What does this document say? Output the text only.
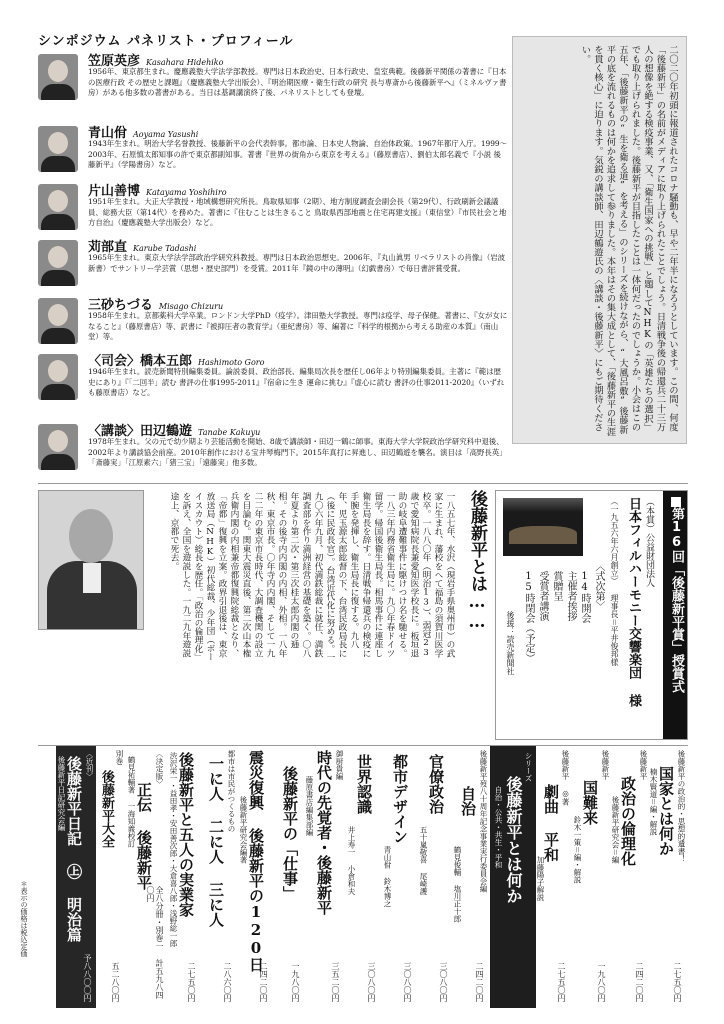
シンポジウム パネリスト・プロフィール
笠原英彦 Kasahara Hidehiko
1956年、東京都生まれ。慶應義塾大学法学部教授。専門は日本政治史、日本行政史、皇室典範。後藤新平関係の著書に『日本の医療行政 その歴史と課題』（慶應義塾大学出版会）、『明治期医療・衛生行政の研究 長与専斎から後藤新平へ』（ミネルヴァ書房）がある他多数の著書がある。当日は基調講演終了後、パネリストとしても登壇。
青山佾 Aoyama Yasushi
1943年生まれ。明治大学名誉教授、後藤新平の会代表幹事。都市論、日本史人物論、自治体政策。1967年都庁入庁。1999～2003年、石原慎太郎知事の許で東京都副知事。著書『世界の街角から東京を考える』（藤原書店）、劉伯太郎名義で『小説 後藤新平』（学陽書房）など。
片山善博 Katayama Yoshihiro
1951年生まれ。大正大学教授・地域構想研究所長。鳥取県知事（2期）、地方制度調査会副会長（第29代）、行政刷新会議議員、総務大臣（第14代）を務めた。著書に『住むことは生きること 鳥取県西部地震と住宅再建支援』（東信堂）『市民社会と地方自治』（慶應義塾大学出版会）など。
苅部直 Karube Tadashi
1965年生まれ。東京大学法学部政治学研究科教授。専門は日本政治思想史。2006年、『丸山眞男 リベラリストの肖像』（岩波新書）でサントリー学芸賞（思想・歴史部門）を受賞。2011年『鏡の中の薄明』（幻戯書房）で毎日書評賞受賞。
三砂ちづる Misago Chizuru
1958年生まれ。京都薬科大学卒業。ロンドン大学PhD（疫学）。津田塾大学教授。専門は疫学、母子保健。著書に、『女が女になること』（藤原書店）等、訳書に『被抑圧者の教育学』（亜紀書房）等、編著に『科学的根拠から考える助産の本質』（南山堂）等。
〈司会〉橋本五郎 Hashimoto Goro
1946年生まれ。読売新聞特別編集委員。論説委員、政治部長、編集局次長を歴任し06年より特別編集委員。主著に『範は歴史にあり』『「二回半」読む 書評の仕事1995-2011』『宿命に生き 運命に挑む』『虚心に読む 書評の仕事2011-2020』（いずれも藤原書店）など。
〈講談〉田辺鶴遊 Tanabe Kakuyu
1978年生まれ。父の元で幼少期より芸能活動を開始、8歳で講談師・田辺一鶴に師事。東海大学大学院政治学研究科中退後、2002年より講談協会前座。2010年創作における宝井琴梅門下。2015年真打に昇進し、田辺鶴遊を襲名。演目は「高野長英」「斎藤実」「江原素六」「猪三宝」「遠藤実」他多数。
二〇二〇年初頭に報道されたコロナ騒動も、早や二年半になろうとしています。この間、何度「後藤新平」の名前がメディアに取り上げられたことでしょう。日清戦争後の帰還兵二十三万人の想像を絶する検疫事業、又、「衛生国家への挑戦」と題してNHKの「英雄たちの選択」でも取り上げられました。後藤新平が目指したことは一体何だったのでしょうか。小会はこの五年、「後藤新平の“生を衛る道”を考える」のシリーズを続けながら、“大風呂敷”後藤新平の底を流れるものは何かを追求して参りました。本年はその集大成として、「後藤新平の生涯を貫く核心」に迫ります。気鋭の講談師、田辺鶴遊氏の〈講談・後藤新平〉にもご期待ください。
一八五七年、水沢（現岩手県奥州市）の武家に生まれ、藩校をへて福島の須賀川医学校卒。一八八〇年（明治13）、弱冠23歳で愛知病院長兼愛知医学校長に。板垣退助の岐阜遭難事件に駆けつけ名を馳せる。一八三年内務省衛生局に。九〇年春ドイツ留学。帰国後衛生局長。相馬事件に連座し衛生局長を辞す。日清戦争帰還兵の検疫に手腕を発揮し、衛生局長に復する。九八年、児玉源太郎総督の下、台湾民政局長に（後に民政長官）。台湾近代化に努める。一九〇六年九月、初代満鉄総裁に就任、満鉄調査部を作り満洲経営の基礎を築く。〇八年夏より第二次・第三次桂太郎内閣の逓相。その後寺内内閣の内相、外相。一八年秋、東京市長。〇年寺内内閣、そして一九二二年の東京市長時代、大調査機関の設立を目論む。関東大震災直後、第二次山本権兵衛内閣の内相兼帝都復興院総裁となり、「帝都」復興を立案。政界引退後は、東京放送局（NHK）初代総裁、少年団（ボーイスカウト）総長を歴任。「政治の倫理化」を訴え、全国を遊説した。一九二九年遊説途上、京都で死去。	後藤新平とは……	第16回「後藤新平賞」授賞式
（本賞）公益財団法人
日本フィルハーモニー交響楽団 様
（一九五六年六月創立） 理事長＝平井俊邦様
〈式次第〉
14時開会
主催者挨拶
賞贈呈
受賞者講演
15時閉会（予定）
後援：読売新聞社
後藤新平の政治的・思想的遺書！
国家とは何か
楠木賢道＝編・解説
二七五〇円
後藤新平
政治の倫理化
後藤新平研究会＝編
二四二〇円
後藤新平
国難来
鈴木一策＝編・解説
一九八〇円
後藤新平 ◎著
劇曲 平和
加藤陽子解説
二七五〇円
シリーズ
後藤新平とは何か
自治・公共・共生・平和
後藤新平歿八十周年記念事業実行委員会編
自治
鶴見俊輔 塩川正十郎
二四二〇円
官僚政治
五十嵐敬喜 尾崎護
三〇八〇円
都市デザイン
青山佾 鈴木博之
三〇八〇円
世界認識
井上寿一 小倉和夫
三〇八〇円
御厨貴編
時代の先覚者・後藤新平
藤原書店編集部編
三五二〇円
後藤新平の「仕事」
一九八〇円
震災復興 後藤新平の120日
後藤新平研究会編著
二四二〇円
都市は市民がつくるもの
一に人 二に人 三に人
二八六〇円
後藤新平と五人の実業家
渋沢栄一・益田孝・安田善次郎・大倉喜八郎・浅野総一郎
二七五〇円
〈決定版〉
正伝 後藤新平
鶴見祐輔著 一海知義校訂
全八分冊・別巻一 計五九八四〇円
別巻
後藤新平大全
五二八〇円
〈近刊〉
後藤新平日記 ㊤ 明治篇
後藤新平日記研究会編
予八八〇〇円
＊表示の価格は税込定価
